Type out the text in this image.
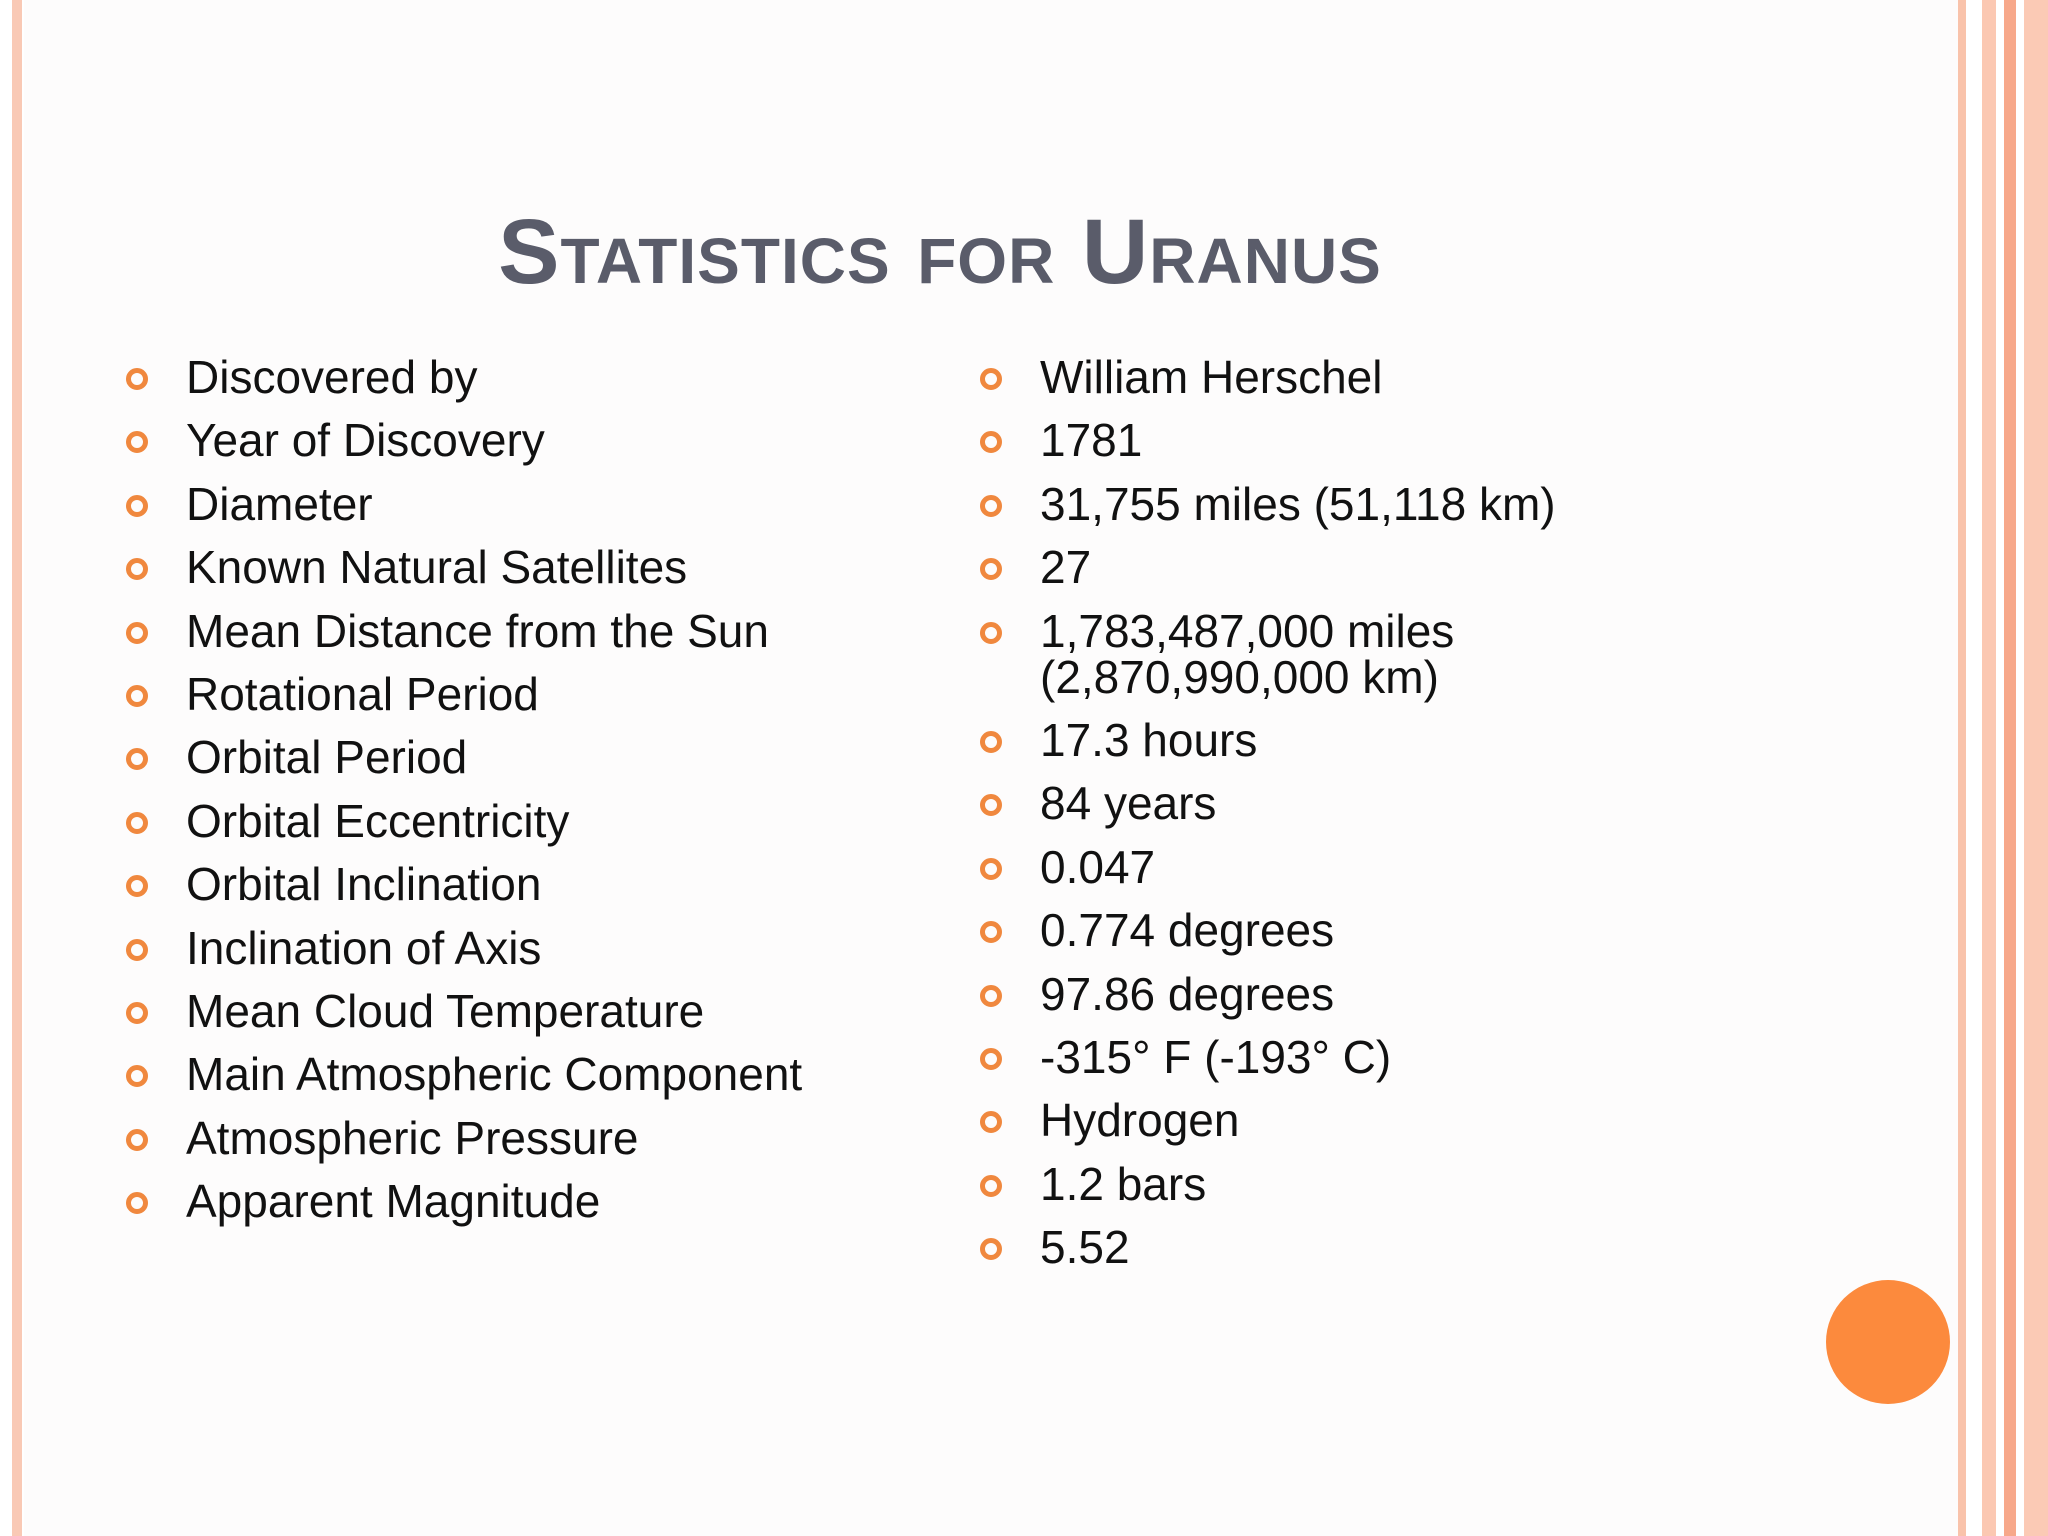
Statistics for Uranus
Discovered by
Year of Discovery
Diameter
Known Natural Satellites
Mean Distance from the Sun
Rotational Period
Orbital Period
Orbital Eccentricity
Orbital Inclination
Inclination of Axis
Mean Cloud Temperature
Main Atmospheric Component
Atmospheric Pressure
Apparent Magnitude
William Herschel
1781
31,755 miles (51,118 km)
27
1,783,487,000 miles (2,870,990,000 km)
17.3 hours
84 years
0.047
0.774 degrees
97.86 degrees
-315° F (-193° C)
Hydrogen
1.2 bars
5.52
